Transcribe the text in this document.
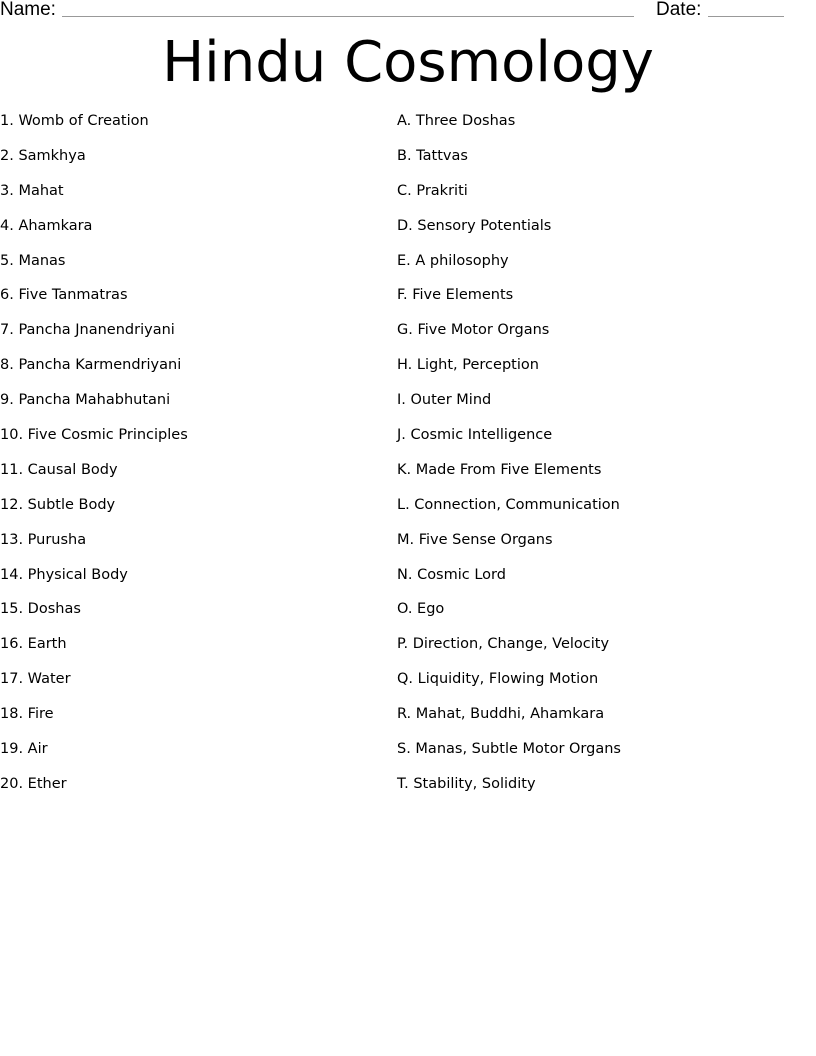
Name:	Date:
Hindu Cosmology
1. Womb of Creation
2. Samkhya
3. Mahat
4. Ahamkara
5. Manas
6. Five Tanmatras
7. Pancha Jnanendriyani
8. Pancha Karmendriyani
9. Pancha Mahabhutani
10. Five Cosmic Principles
11. Causal Body
12. Subtle Body
13. Purusha
14. Physical Body
15. Doshas
16. Earth
17. Water
18. Fire
19. Air
20. Ether
A. Three Doshas
B. Tattvas
C. Prakriti
D. Sensory Potentials
E. A philosophy
F. Five Elements
G. Five Motor Organs
H. Light, Perception
I. Outer Mind
J. Cosmic Intelligence
K. Made From Five Elements
L. Connection, Communication
M. Five Sense Organs
N. Cosmic Lord
O. Ego
P. Direction, Change, Velocity
Q. Liquidity, Flowing Motion
R. Mahat, Buddhi, Ahamkara
S. Manas, Subtle Motor Organs
T. Stability, Solidity
